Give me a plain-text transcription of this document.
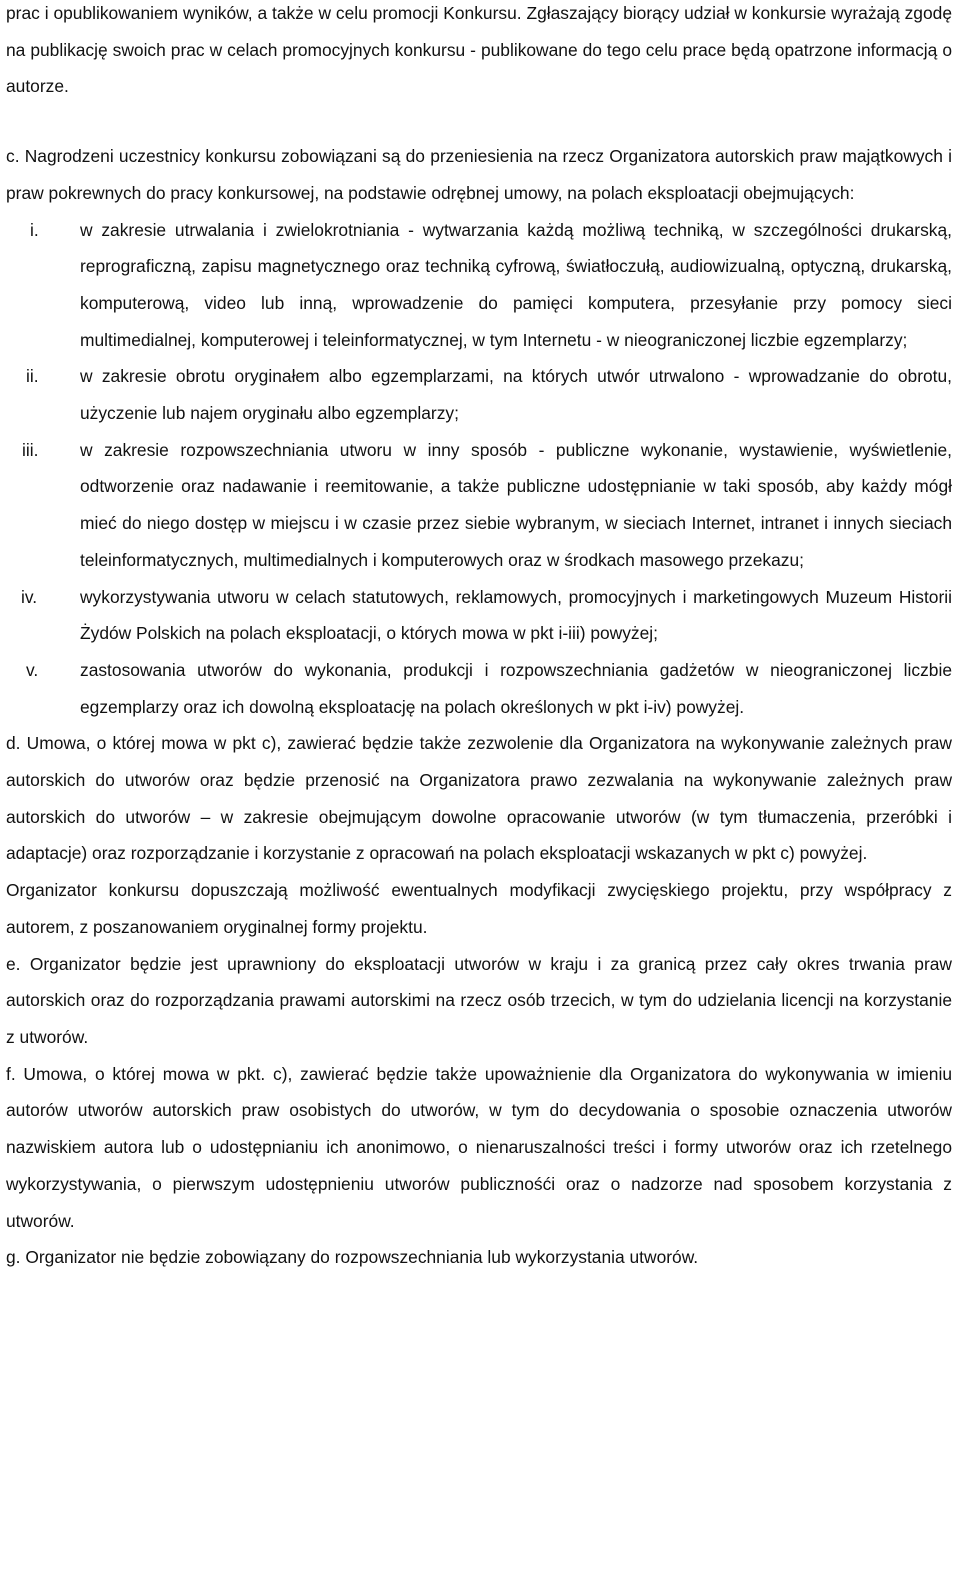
prac i opublikowaniem wyników, a także w celu promocji Konkursu. Zgłaszający biorący udział w konkursie wyrażają zgodę na publikację swoich prac w celach promocyjnych konkursu - publikowane do tego celu prace będą opatrzone informacją o autorze.

c. Nagrodzeni uczestnicy konkursu zobowiązani są do przeniesienia na rzecz Organizatora autorskich praw majątkowych i praw pokrewnych do pracy konkursowej, na podstawie odrębnej umowy, na polach eksploatacji obejmujących:

i.	w zakresie utrwalania i zwielokrotniania - wytwarzania każdą możliwą techniką, w szczególności drukarską, reprograficzną, zapisu magnetycznego oraz techniką cyfrową, światłoczułą, audiowizualną, optyczną, drukarską, komputerową, video lub inną, wprowadzenie do pamięci komputera, przesyłanie przy pomocy sieci multimedialnej, komputerowej i teleinformatycznej, w tym Internetu - w nieograniczonej liczbie egzemplarzy;
ii.	w zakresie obrotu oryginałem albo egzemplarzami, na których utwór utrwalono - wprowadzanie do obrotu, użyczenie lub najem oryginału albo egzemplarzy;
iii.	w zakresie rozpowszechniania utworu w inny sposób - publiczne wykonanie, wystawienie, wyświetlenie, odtworzenie oraz nadawanie i reemitowanie, a także publiczne udostępnianie w taki sposób, aby każdy mógł mieć do niego dostęp w miejscu i w czasie przez siebie wybranym, w sieciach Internet, intranet i innych sieciach teleinformatycznych, multimedialnych i komputerowych oraz w środkach masowego przekazu;
iv.	wykorzystywania utworu w celach statutowych, reklamowych, promocyjnych i marketingowych Muzeum Historii Żydów Polskich na polach eksploatacji, o których mowa w pkt i-iii) powyżej;
v.	zastosowania utworów do wykonania, produkcji i rozpowszechniania gadżetów w nieograniczonej liczbie egzemplarzy oraz ich dowolną eksploatację na polach określonych w pkt i-iv) powyżej.

d. Umowa, o której mowa w pkt c), zawierać będzie także zezwolenie dla Organizatora na wykonywanie zależnych praw autorskich do utworów oraz będzie przenosić na Organizatora prawo zezwalania na wykonywanie zależnych praw autorskich do utworów – w zakresie obejmującym dowolne opracowanie utworów (w tym tłumaczenia, przeróbki i adaptacje) oraz rozporządzanie i korzystanie z opracowań na polach eksploatacji wskazanych w pkt c) powyżej.

Organizator konkursu dopuszczają możliwość ewentualnych modyfikacji zwycięskiego projektu, przy współpracy z autorem, z poszanowaniem oryginalnej formy projektu.

e. Organizator będzie jest uprawniony do eksploatacji utworów w kraju i za granicą przez cały okres trwania praw autorskich oraz do rozporządzania prawami autorskimi na rzecz osób trzecich, w tym do udzielania licencji na korzystanie z utworów.

f. Umowa, o której mowa w pkt. c), zawierać będzie także upoważnienie dla Organizatora do wykonywania w imieniu autorów utworów autorskich praw osobistych do utworów, w tym do decydowania o sposobie oznaczenia utworów nazwiskiem autora lub o udostępnianiu ich anonimowo, o nienaruszalności treści i formy utworów oraz ich rzetelnego wykorzystywania, o pierwszym udostępnieniu utworów publicznośći oraz o nadzorze nad sposobem korzystania z utworów.

g. Organizator nie będzie zobowiązany do rozpowszechniania lub wykorzystania utworów.
